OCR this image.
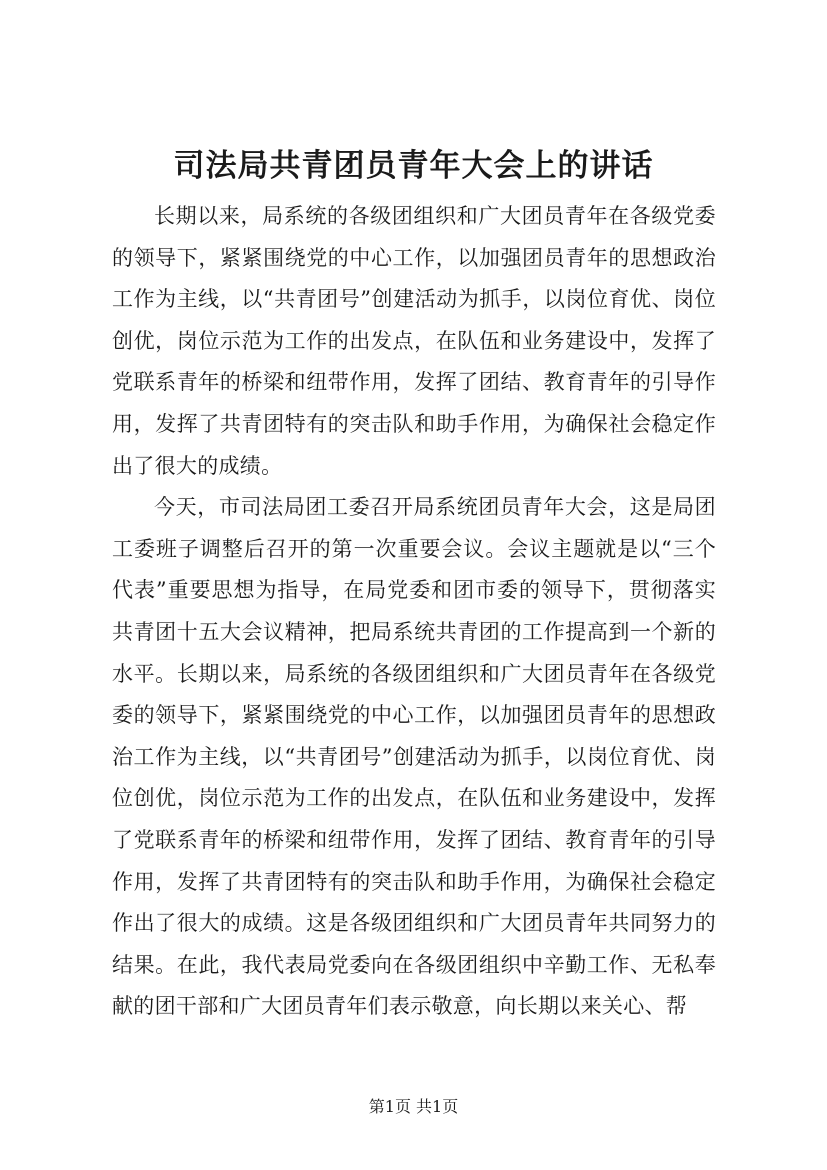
司法局共青团员青年大会上的讲话

长期以来，局系统的各级团组织和广大团员青年在各级党委的领导下，紧紧围绕党的中心工作，以加强团员青年的思想政治工作为主线，以“共青团号”创建活动为抓手，以岗位育优、岗位创优，岗位示范为工作的出发点，在队伍和业务建设中，发挥了党联系青年的桥梁和纽带作用，发挥了团结、教育青年的引导作用，发挥了共青团特有的突击队和助手作用，为确保社会稳定作出了很大的成绩。

今天，市司法局团工委召开局系统团员青年大会，这是局团工委班子调整后召开的第一次重要会议。会议主题就是以“三个代表”重要思想为指导，在局党委和团市委的领导下，贯彻落实共青团十五大会议精神，把局系统共青团的工作提高到一个新的水平。长期以来，局系统的各级团组织和广大团员青年在各级党委的领导下，紧紧围绕党的中心工作，以加强团员青年的思想政治工作为主线，以“共青团号”创建活动为抓手，以岗位育优、岗位创优，岗位示范为工作的出发点，在队伍和业务建设中，发挥了党联系青年的桥梁和纽带作用，发挥了团结、教育青年的引导作用，发挥了共青团特有的突击队和助手作用，为确保社会稳定作出了很大的成绩。这是各级团组织和广大团员青年共同努力的结果。在此，我代表局党委向在各级团组织中辛勤工作、无私奉献的团干部和广大团员青年们表示敬意，向长期以来关心、帮

第1页 共1页
